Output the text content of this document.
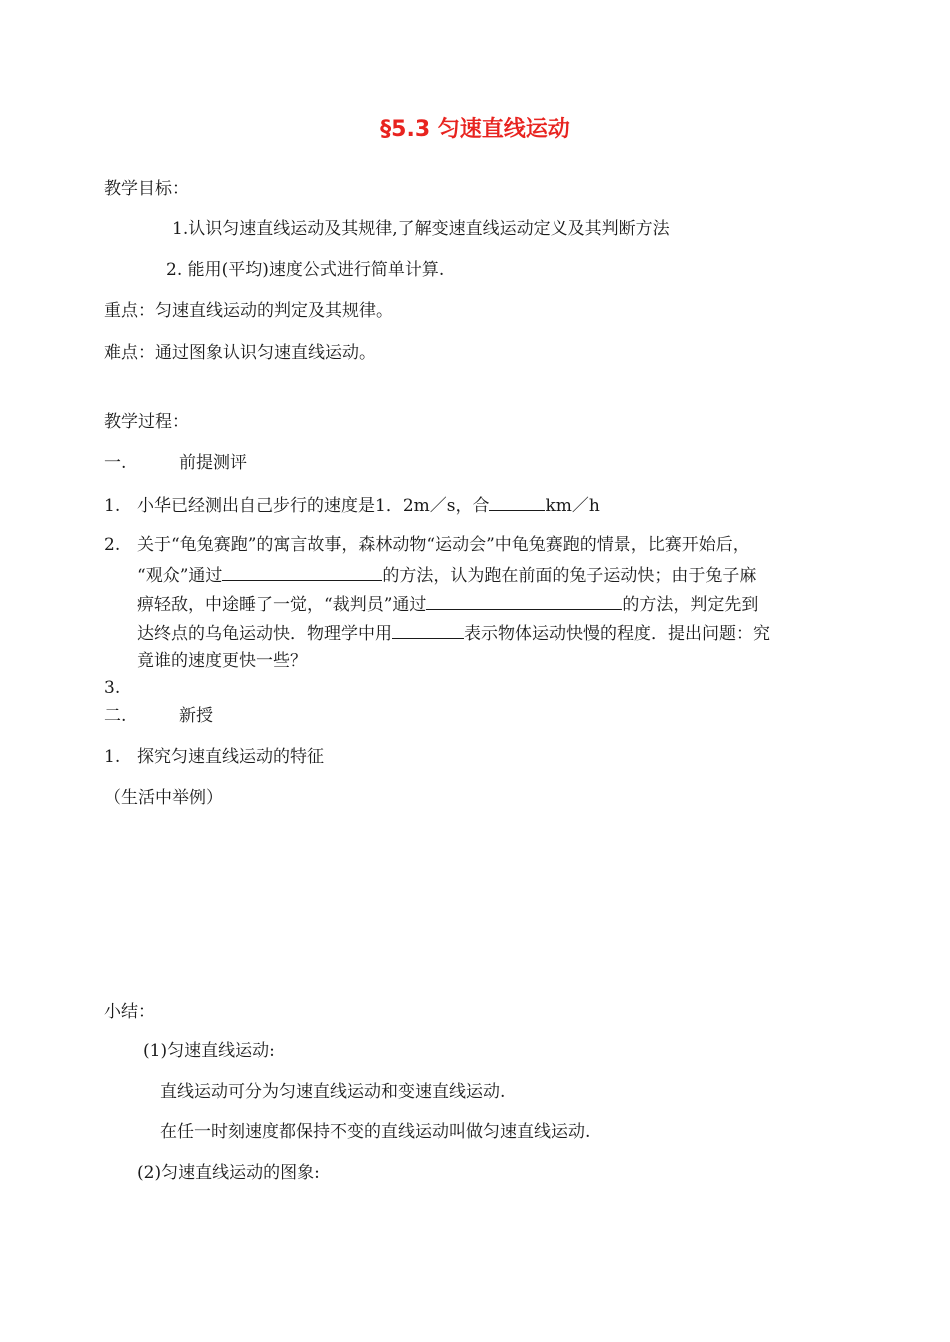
§5.3 匀速直线运动
教学目标：
1.认识匀速直线运动及其规律,了解变速直线运动定义及其判断方法
2. 能用(平均)速度公式进行简单计算.
重点：匀速直线运动的判定及其规律。
难点：通过图象认识匀速直线运动。
教学过程：
一.	前提测评
1. 小华已经测出自己步行的速度是1．2m／s，合	km／h
2. 关于“龟兔赛跑”的寓言故事，森林动物“运动会”中龟兔赛跑的情景，比赛开始后，
“观众”通过	的方法，认为跑在前面的兔子运动快；由于兔子麻
痹轻敌，中途睡了一觉，“裁判员”通过	的方法，判定先到
达终点的乌龟运动快．物理学中用	表示物体运动快慢的程度．提出问题：究
竟谁的速度更快一些？
3.
二.	新授
1. 探究匀速直线运动的特征
（生活中举例）
小结：
(1)匀速直线运动:
直线运动可分为匀速直线运动和变速直线运动.
在任一时刻速度都保持不变的直线运动叫做匀速直线运动.
(2)匀速直线运动的图象:
